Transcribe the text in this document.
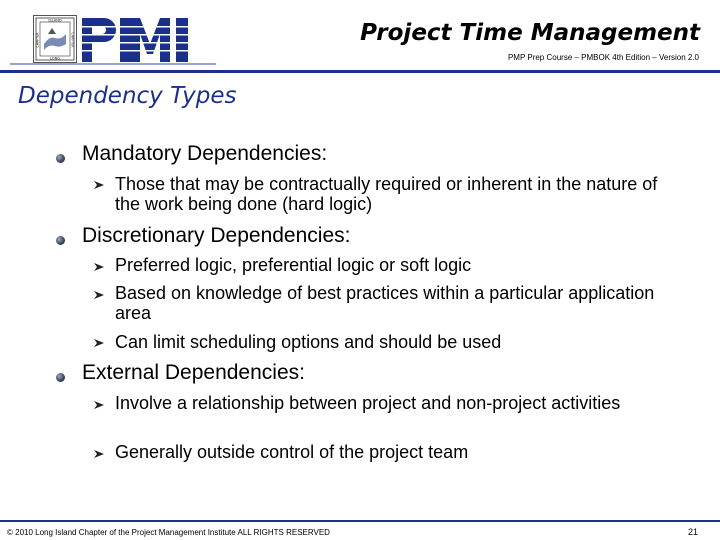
ISLAND
CHAPTER	CHAPTER
LONG
Project Time Management
PMP Prep Course – PMBOK 4th Edition – Version 2.0
Dependency Types
Mandatory Dependencies:
Those that may be contractually required or inherent in the nature of the work being done (hard logic)
Discretionary Dependencies:
Preferred logic, preferential logic or soft logic
Based on knowledge of best practices within a particular application area
Can limit scheduling options and should be used
External Dependencies:
Involve a relationship between project and non-project activities
Generally outside control of the project team
© 2010 Long Island Chapter of the Project Management Institute ALL RIGHTS RESERVED	21
